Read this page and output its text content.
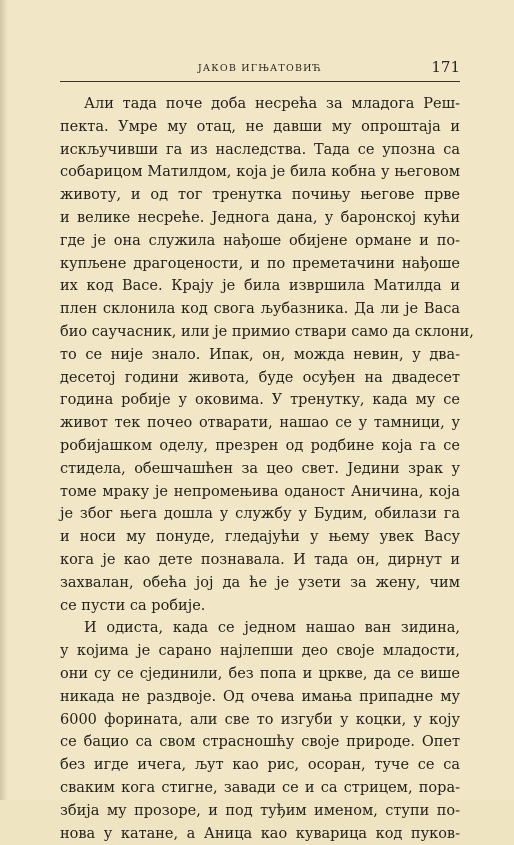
ЈАКОВ ИГЊАТОВИЋ	171
Али тада поче доба несрећа за младога Реш-
пекта. Умре му отац, не давши му опроштаја и
искључивши га из наследства. Тада се упозна са
собарицом Матилдом, која је била кобна у његовом
животу, и од тог тренутка почињу његове прве
и велике несреће. Једнога дана, у баронској кући
где је она служила нађоше обијене ормане и по-
купљене драгоцености, и по преметачини нађоше
их код Васе. Крају је била извршила Матилда и
плен склонила код свога љубазника. Да ли је Васа
био саучасник, или је примио ствари само да склони,
то се није знало. Ипак, он, можда невин, у два-
десетој години живота, буде осуђен на двадесет
година робије у оковима. У тренутку, када му се
живот тек почео отварати, нашао се у тамници, у
робијашком оделу, презрен од родбине која га се
стидела, обешчашћен за цео свет. Једини зрак у
томе мраку је непромењива оданост Аничина, која
је због њега дошла у службу у Будим, обилази га
и носи му понуде, гледајући у њему увек Васу
кога је као дете познавала. И тада он, дирнут и
захвалан, обећа јој да ће је узети за жену, чим
се пусти са робије.
И одиста, када се једном нашао ван зидина,
у којима је сарано најлепши део своје младости,
они су се сјединили, без попа и цркве, да се више
никада не раздвоје. Од очева имања припадне му
6000 форината, али све то изгуби у коцки, у коју
се бацио са свом страсношћу своје природе. Опет
без игде ичега, љут као рис, осоран, туче се са
сваким кога стигне, завади се и са стрицем, пора-
збија му прозоре, и под туђим именом, ступи по-
нова у катане, а Аница као куварица код пуков-
